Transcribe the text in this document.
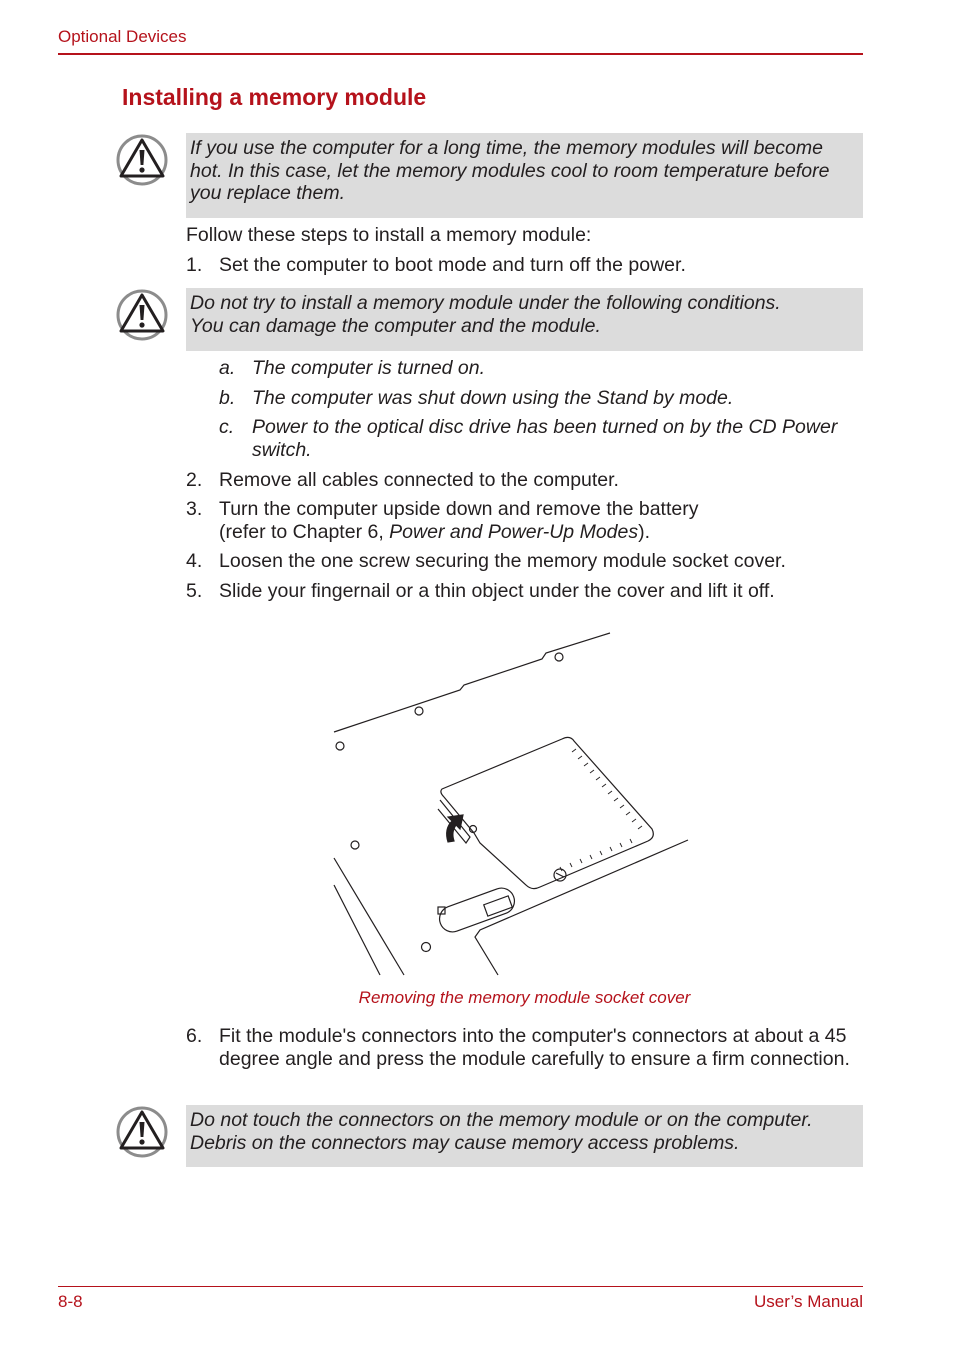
Optional Devices
Installing a memory module
If you use the computer for a long time, the memory modules will become hot. In this case, let the memory modules cool to room temperature before you replace them.
Follow these steps to install a memory module:
1. Set the computer to boot mode and turn off the power.
Do not try to install a memory module under the following conditions.
You can damage the computer and the module.
a. The computer is turned on.
b. The computer was shut down using the Stand by mode.
c. Power to the optical disc drive has been turned on by the CD Power switch.
2. Remove all cables connected to the computer.
3. Turn the computer upside down and remove the battery
(refer to Chapter 6, Power and Power-Up Modes).
4. Loosen the one screw securing the memory module socket cover.
5. Slide your fingernail or a thin object under the cover and lift it off.
Removing the memory module socket cover
6. Fit the module's connectors into the computer's connectors at about a 45 degree angle and press the module carefully to ensure a firm connection.
Do not touch the connectors on the memory module or on the computer. Debris on the connectors may cause memory access problems.
8-8	User’s Manual
